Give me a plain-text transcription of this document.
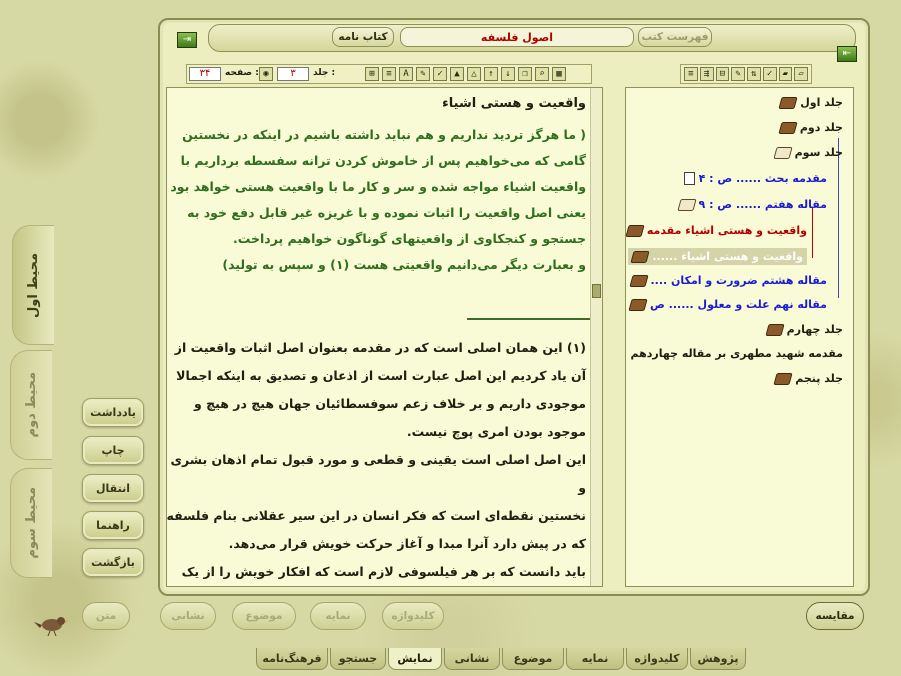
محیط اول
محیط دوم
محیط سوم
یادداشت
چاپ
انتقال
راهنما
بازگشت
⇥
⇤
کتاب نامه	اصول فلسفه	فهرست کتب
۳۴	صفحه : ◉	۳	جلد :	⊞	≡	A	✎	✓	▲	△	↑	↓	❐	⌕	▦	≡	⇶	⊟	✎	⇅	✓	▰	▱
واقعیت و هستی اشیاء
( ما هرگز تردید نداریم و هم نباید داشته باشیم در اینکه در نخستین
گامی که می‌خواهیم پس از خاموش کردن ترانه سفسطه برداریم با
واقعیت اشیاء مواجه شده و سر و کار ما با واقعیت هستی خواهد بود
یعنی اصل واقعیت را اثبات نموده و با غریزه غیر قابل دفع خود به
جستجو و کنجکاوی از واقعیتهای گوناگون خواهیم پرداخت.
و بعبارت دیگر می‌دانیم واقعیتی هست (۱) و سپس به تولید)
(۱) این همان اصلی است که در مقدمه بعنوان اصل اثبات واقعیت از
آن یاد کردیم این اصل عبارت است از اذعان و تصدیق به اینکه اجمالا
موجودی داریم و بر خلاف زعم سوفسطائیان جهان هیچ در هیچ و
موجود بودن امری پوچ نیست.
این اصل اصلی است یقینی و قطعی و مورد قبول تمام اذهان بشری و
نخستین نقطه‌ای است که فکر انسان در این سیر عقلانی بنام فلسفه
که در پیش دارد آنرا مبدا و آغاز حرکت خویش قرار می‌دهد.
باید دانست که بر هر فیلسوفی لازم است که افکار خویش را از یک
جلد اول
جلد دوم
جلد سوم
مقدمه بحث ...... ص : ۴
مقاله هفتم ...... ص : ۹
واقعیت و هستی اشیاء مقدمه
واقعیت و هستی اشیاء ......
مقاله هشتم ضرورت و امکان ....
مقاله نهم علت و معلول ...... ص
جلد چهارم
مقدمه شهید مطهری بر مقاله چهاردهم
جلد پنجم
متن	نشانی	موضوع	نمایه	کلیدواژه	مقایسه
پژوهش
کلیدواژه
نمایه
موضوع
نشانی
نمایش
جستجو
فرهنگ‌نامه
